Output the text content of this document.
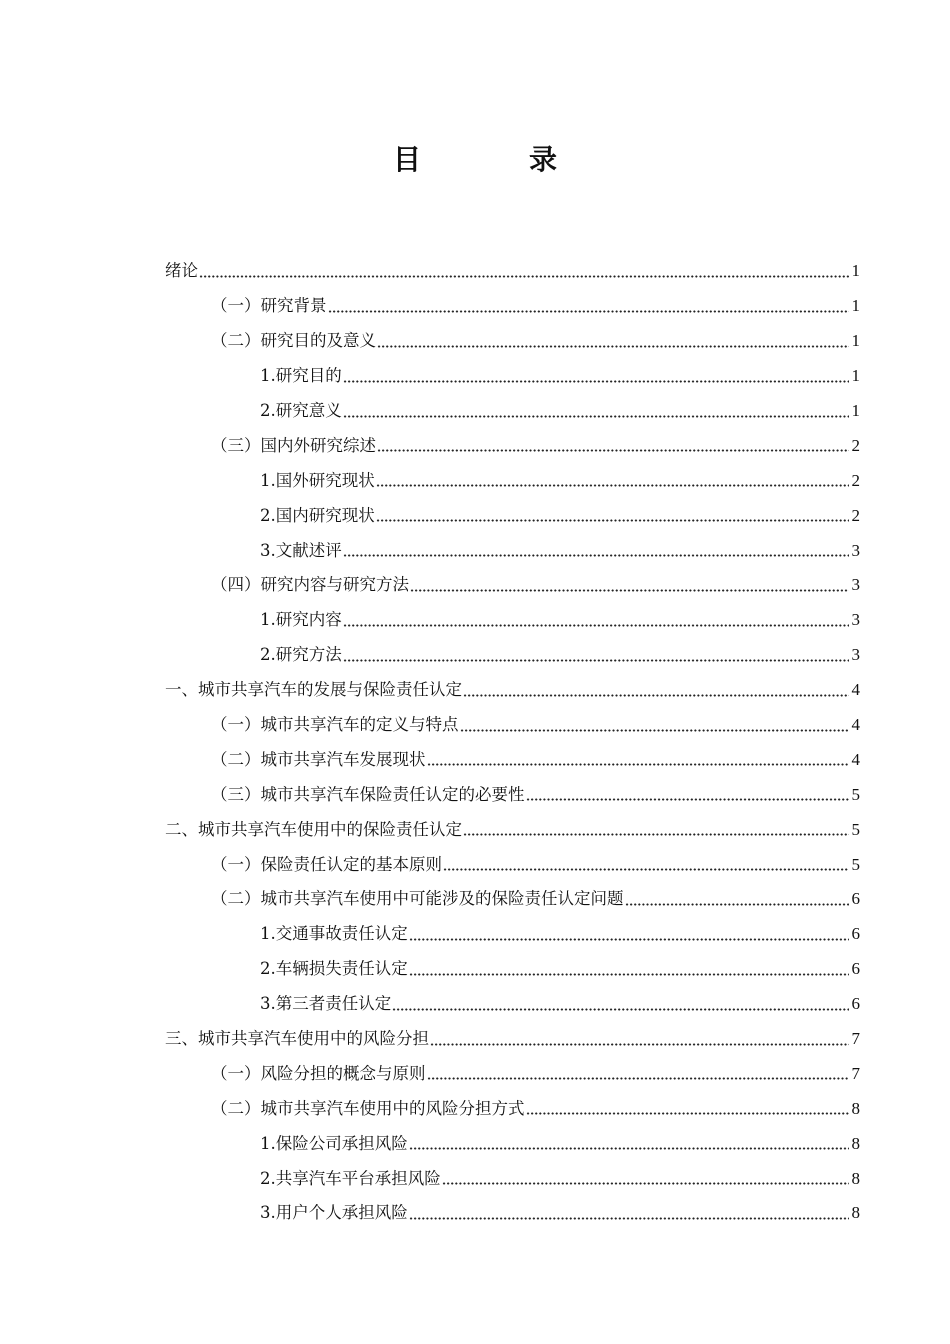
目　录
绪论	1
（一）研究背景	1
（二）研究目的及意义	1
1.研究目的	1
2.研究意义	1
（三）国内外研究综述	2
1.国外研究现状	2
2.国内研究现状	2
3.文献述评	3
（四）研究内容与研究方法	3
1.研究内容	3
2.研究方法	3
一、城市共享汽车的发展与保险责任认定	4
（一）城市共享汽车的定义与特点	4
（二）城市共享汽车发展现状	4
（三）城市共享汽车保险责任认定的必要性	5
二、城市共享汽车使用中的保险责任认定	5
（一）保险责任认定的基本原则	5
（二）城市共享汽车使用中可能涉及的保险责任认定问题	6
1.交通事故责任认定	6
2.车辆损失责任认定	6
3.第三者责任认定	6
三、城市共享汽车使用中的风险分担	7
（一）风险分担的概念与原则	7
（二）城市共享汽车使用中的风险分担方式	8
1.保险公司承担风险	8
2.共享汽车平台承担风险	8
3.用户个人承担风险	8
